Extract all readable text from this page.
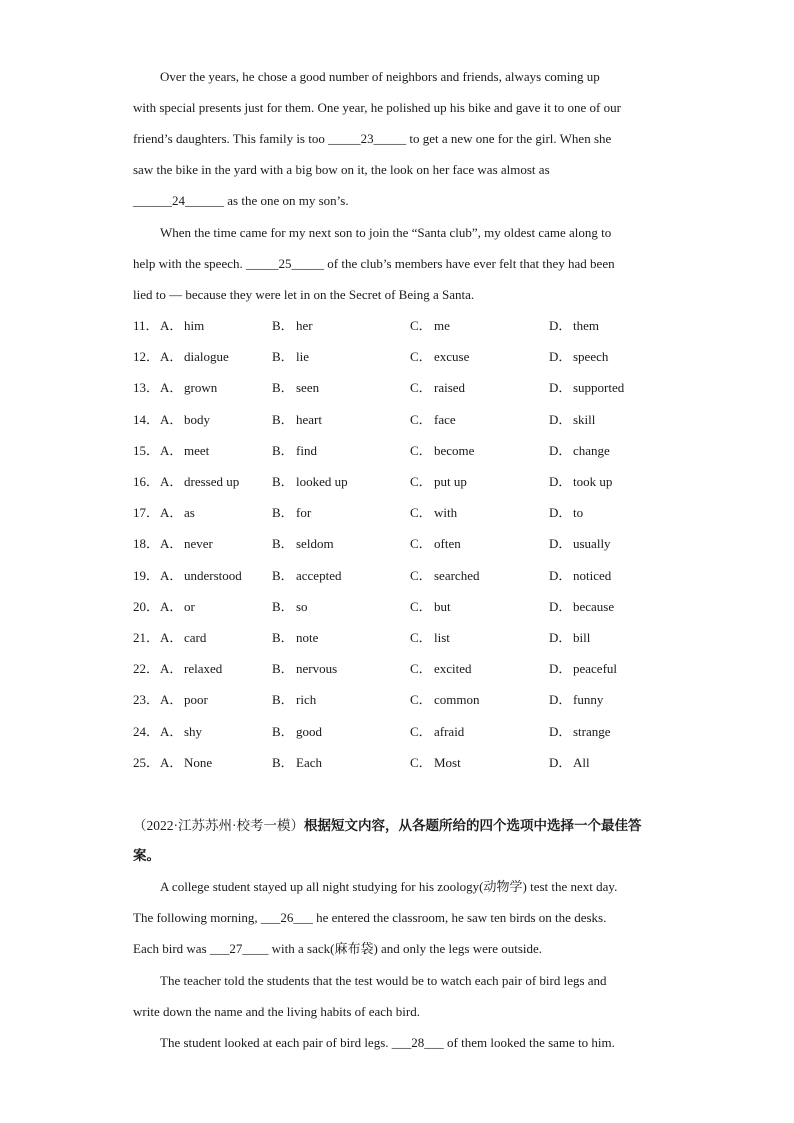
Over the years, he chose a good number of neighbors and friends, always coming up
with special presents just for them. One year, he polished up his bike and gave it to one of our
friend’s daughters. This family is too _____23_____ to get a new one for the girl. When she
saw the bike in the yard with a big bow on it, the look on her face was almost as
______24______ as the one on my son’s.
When the time came for my next son to join the “Santa club”, my oldest came along to
help with the speech. _____25_____ of the club’s members have ever felt that they had been
lied to — because they were let in on the Secret of Being a Santa.
11． A． him	B． her	C． me	D． them
12． A． dialogue	B． lie	C． excuse	D． speech
13． A． grown	B． seen	C． raised	D． supported
14． A． body	B． heart	C． face	D． skill
15． A． meet	B． find	C． become	D． change
16． A． dressed up	B． looked up	C． put up	D． took up
17． A． as	B． for	C． with	D． to
18． A． never	B． seldom	C． often	D． usually
19． A． understood B． accepted	C． searched	D． noticed
20． A． or	B． so	C． but	D． because
21． A． card	B． note	C． list	D． bill
22． A． relaxed	B． nervous	C． excited	D． peaceful
23． A． poor	B． rich	C． common	D． funny
24． A． shy	B． good	C． afraid	D． strange
25． A． None	B． Each	C． Most	D． All
（2022·江苏苏州·校考一模）根据短文内容，从各题所给的四个选项中选择一个最佳答
案。
A college student stayed up all night studying for his zoology(动物学) test the next day.
The following morning, ___26___ he entered the classroom, he saw ten birds on the desks.
Each bird was ___27____ with a sack(麻布袋) and only the legs were outside.
The teacher told the students that the test would be to watch each pair of bird legs and
write down the name and the living habits of each bird.
The student looked at each pair of bird legs. ___28___ of them looked the same to him.
